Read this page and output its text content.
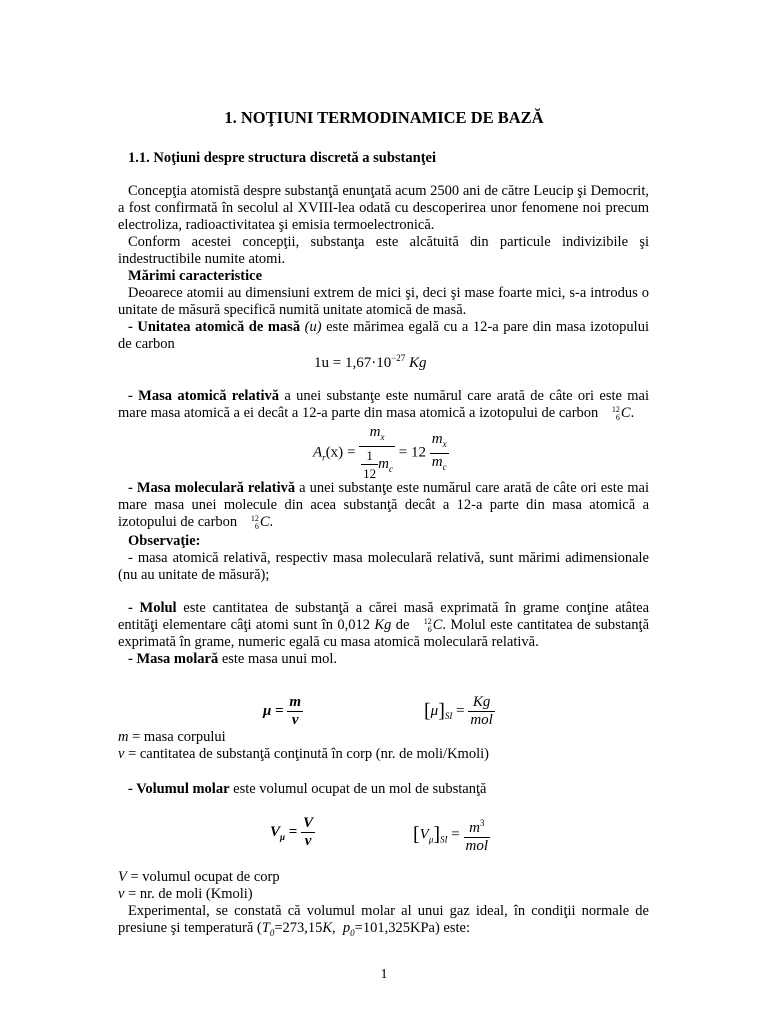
1. NOŢIUNI TERMODINAMICE DE BAZĂ
1.1. Noţiuni despre structura discretă a substanţei

Concepţia atomistă despre substanţă enunţată acum 2500 ani de către Leucip şi Democrit, a fost confirmată în secolul al XVIII-lea odată cu descoperirea unor fenomene noi precum electroliza, radioactivitatea şi emisia termoelectronică.

Conform acestei concepţii, substanţa este alcătuită din particule indivizibile şi indestructibile numite atomi.

Mărimi caracteristice

Deoarece atomii au dimensiuni extrem de mici şi, deci şi mase foarte mici, s-a introdus o unitate de măsură specifică numită unitate atomică de masă.

- Unitatea atomică de masă (u) este mărimea egală cu a 12-a pare din masa izotopului de carbon

$1u = 1,67\cdot 10^{-27}$ Kg

- Masa atomică relativă a unei substanţe este numărul care arată de câte ori este mai mare masa atomică a ei decât a 12-a parte din masa atomică a izotopului de carbon	12
6 C.

$A_r(x) = \frac{m_x}{\frac{1}{12} m_c} = 12 \frac{m_x}{m_c}$

- Masa moleculară relativă a unei substanţe este numărul care arată de câte ori este mai mare masa unei molecule din acea substanţă decât a 12-a parte din masa atomică a izotopului de carbon	12
6 C.

Observaţie:

- masa atomică relativă, respectiv masa moleculară relativă, sunt mărimi adimensionale (nu au unitate de măsură);

- Molul este cantitatea de substanţă a cărei masă exprimată în grame conţine atâtea entităţi elementare câţi atomi sunt în 0,012 Kg de	12
6 C. Molul este cantitatea de substanţă exprimată în grame, numeric egală cu masa atomică moleculară relativă.

- Masa molară este masa unui mol.

$\mu = \frac{m}{\nu}$	$[\mu]_{SI} = \frac{Kg}{\text{mol}}$

m = masa corpului

ν = cantitatea de substanţă conţinută în corp (nr. de moli/Kmoli)

- Volumul molar este volumul ocupat de un mol de substanţă

$V_\mu = \frac{V}{\nu}$	$[V_\mu]_{SI} = \frac{m^3}{\text{mol}}$

V = volumul ocupat de corp

ν = nr. de moli (Kmoli)

Experimental, se constată că volumul molar al unui gaz ideal, în condiţii normale de presiune şi temperatură ($T_0=273,15K$,  $p_0=101,325KPa$) este:

1
